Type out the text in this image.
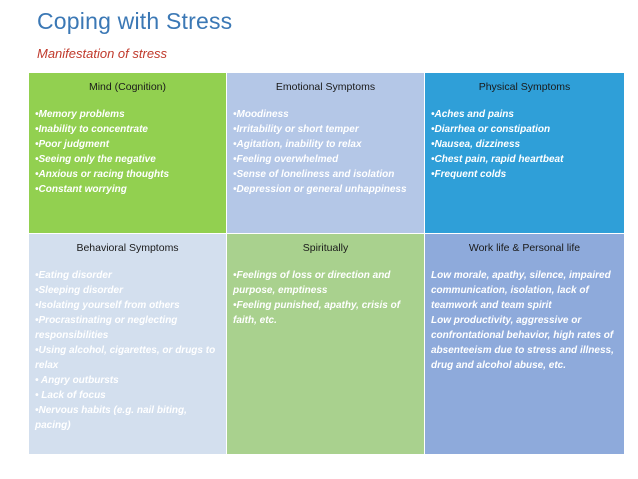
Coping with Stress
Manifestation of stress
Mind (Cognition)
•Memory problems
•Inability to concentrate
•Poor judgment
•Seeing only the negative
•Anxious or racing thoughts
•Constant worrying
Emotional Symptoms
•Moodiness
•Irritability or short temper
•Agitation, inability to relax
•Feeling overwhelmed
•Sense of loneliness and isolation
•Depression or general unhappiness
Physical Symptoms
•Aches and pains
•Diarrhea or constipation
•Nausea, dizziness
•Chest pain, rapid heartbeat
•Frequent colds
Behavioral Symptoms
•Eating disorder
•Sleeping disorder
•Isolating yourself from others
•Procrastinating or neglecting responsibilities
•Using alcohol, cigarettes, or drugs to relax
• Angry outbursts
• Lack of focus
•Nervous habits (e.g. nail biting, pacing)
Spiritually
•Feelings of loss or direction and purpose, emptiness
•Feeling punished, apathy, crisis of faith, etc.
Work life & Personal life
Low morale, apathy, silence, impaired communication, isolation, lack of teamwork and team spirit
Low productivity, aggressive or confrontational behavior, high rates of absenteeism due to stress and illness, drug and alcohol abuse, etc.
